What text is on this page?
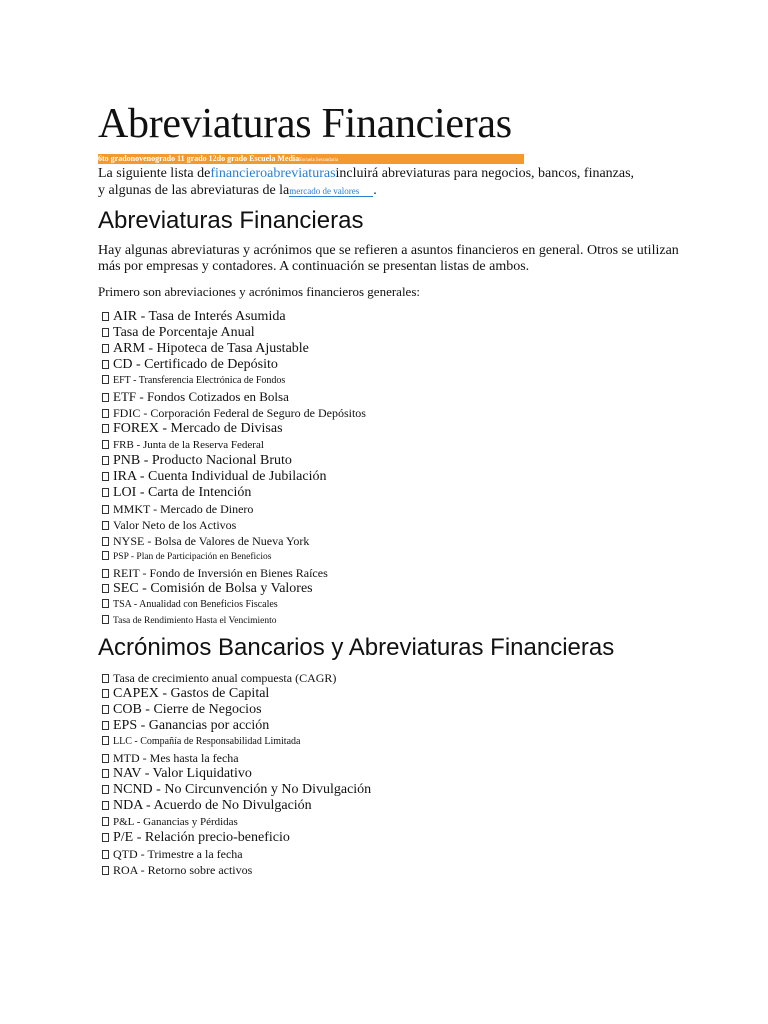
Abreviaturas Financieras
6to gradonovenogrado 11 grado 12do grado Escuela MediaEscuela Secundaria
La siguiente lista definancieroabreviaturasincluirá abreviaturas para negocios, bancos, finanzas,
y algunas de las abreviaturas de lamercado de valores .
Abreviaturas Financieras

Hay algunas abreviaturas y acrónimos que se refieren a asuntos financieros en general. Otros se utilizan más por empresas y contadores. A continuación se presentan listas de ambos.

Primero son abreviaciones y acrónimos financieros generales:

AIR - Tasa de Interés Asumida
Tasa de Porcentaje Anual
ARM - Hipoteca de Tasa Ajustable
CD - Certificado de Depósito
EFT - Transferencia Electrónica de Fondos
ETF - Fondos Cotizados en Bolsa
FDIC - Corporación Federal de Seguro de Depósitos
FOREX - Mercado de Divisas
FRB - Junta de la Reserva Federal
PNB - Producto Nacional Bruto
IRA - Cuenta Individual de Jubilación
LOI - Carta de Intención
MMKT - Mercado de Dinero
Valor Neto de los Activos
NYSE - Bolsa de Valores de Nueva York
PSP - Plan de Participación en Beneficios
REIT - Fondo de Inversión en Bienes Raíces
SEC - Comisión de Bolsa y Valores
TSA - Anualidad con Beneficios Fiscales
Tasa de Rendimiento Hasta el Vencimiento
Acrónimos Bancarios y Abreviaturas Financieras
Tasa de crecimiento anual compuesta (CAGR)
CAPEX - Gastos de Capital
COB - Cierre de Negocios
EPS - Ganancias por acción
LLC - Compañía de Responsabilidad Limitada
MTD - Mes hasta la fecha
NAV - Valor Liquidativo
NCND - No Circunvención y No Divulgación
NDA - Acuerdo de No Divulgación
P&L - Ganancias y Pérdidas
P/E - Relación precio-beneficio
QTD - Trimestre a la fecha
ROA - Retorno sobre activos
